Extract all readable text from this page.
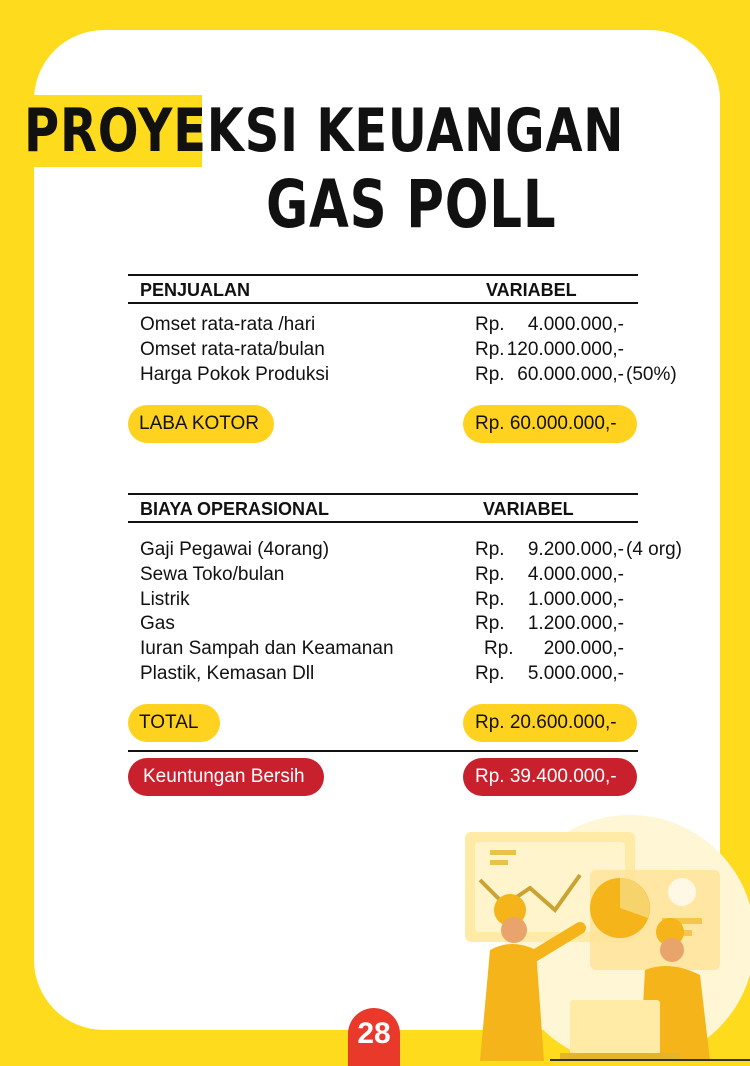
PROYEKSI KEUANGAN
GAS POLL
PENJUALAN	VARIABEL
Omset rata-rata /hari	Rp. 4.000.000,-
Omset rata-rata/bulan	Rp. 120.000.000,-
Harga Pokok Produksi	Rp. 60.000.000,- (50%)
LABA KOTOR	Rp. 60.000.000,-
BIAYA OPERASIONAL	VARIABEL
Gaji Pegawai (4orang)	Rp. 9.200.000,- (4 org)
Sewa Toko/bulan	Rp. 4.000.000,-
Listrik	Rp. 1.000.000,-
Gas	Rp. 1.200.000,-
Iuran Sampah dan Keamanan	Rp. 200.000,-
Plastik, Kemasan Dll	Rp. 5.000.000,-
TOTAL	Rp. 20.600.000,-
Keuntungan Bersih	Rp. 39.400.000,-
28
